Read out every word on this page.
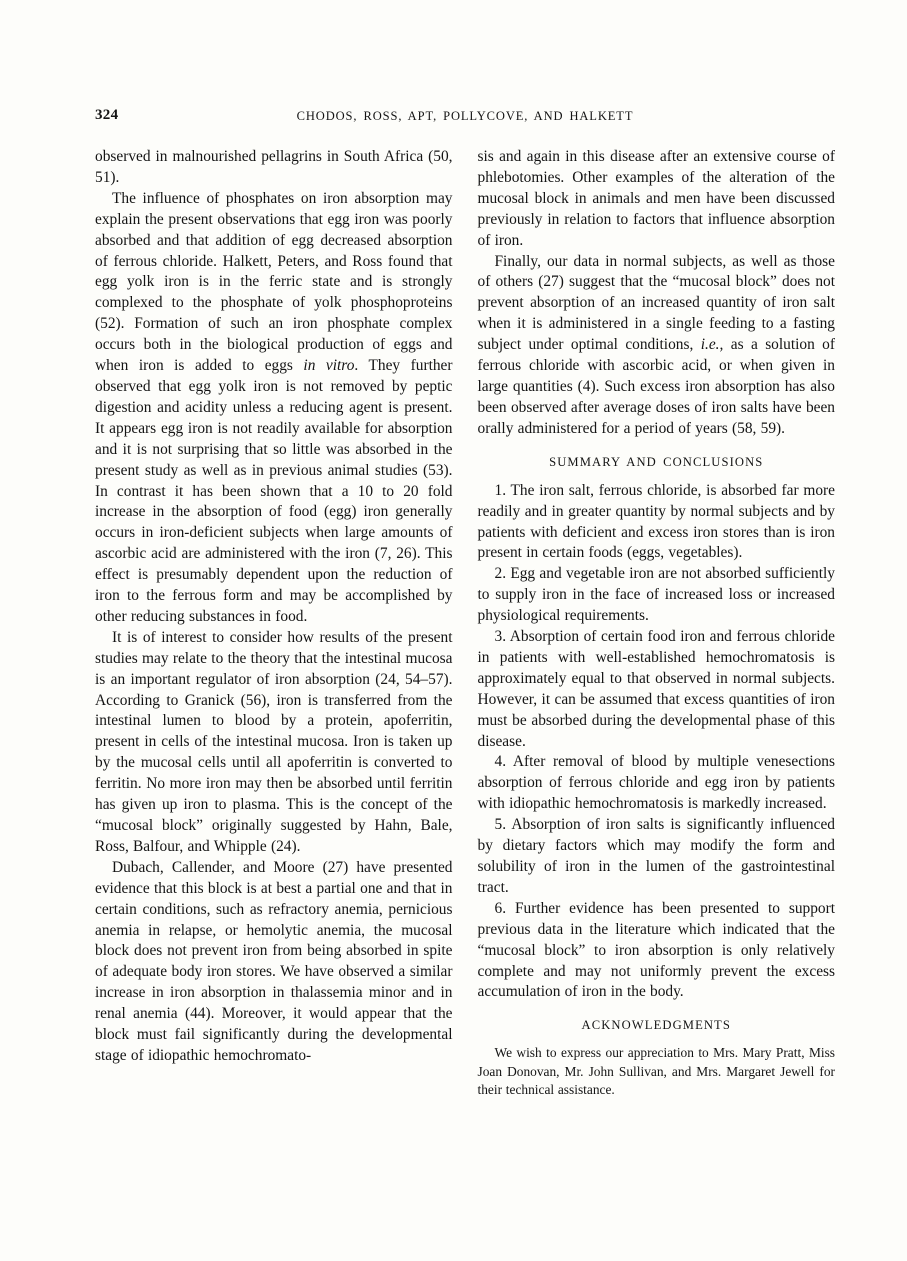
324	CHODOS, ROSS, APT, POLLYCOVE, AND HALKETT

observed in malnourished pellagrins in South Africa (50, 51).

The influence of phosphates on iron absorption may explain the present observations that egg iron was poorly absorbed and that addition of egg decreased absorption of ferrous chloride. Halkett, Peters, and Ross found that egg yolk iron is in the ferric state and is strongly complexed to the phosphate of yolk phosphoproteins (52). Formation of such an iron phosphate complex occurs both in the biological production of eggs and when iron is added to eggs in vitro. They further observed that egg yolk iron is not removed by peptic digestion and acidity unless a reducing agent is present. It appears egg iron is not readily available for absorption and it is not surprising that so little was absorbed in the present study as well as in previous animal studies (53). In contrast it has been shown that a 10 to 20 fold increase in the absorption of food (egg) iron generally occurs in iron-deficient subjects when large amounts of ascorbic acid are administered with the iron (7, 26). This effect is presumably dependent upon the reduction of iron to the ferrous form and may be accomplished by other reducing substances in food.

It is of interest to consider how results of the present studies may relate to the theory that the intestinal mucosa is an important regulator of iron absorption (24, 54–57). According to Granick (56), iron is transferred from the intestinal lumen to blood by a protein, apoferritin, present in cells of the intestinal mucosa. Iron is taken up by the mucosal cells until all apoferritin is converted to ferritin. No more iron may then be absorbed until ferritin has given up iron to plasma. This is the concept of the “mucosal block” originally suggested by Hahn, Bale, Ross, Balfour, and Whipple (24).

Dubach, Callender, and Moore (27) have presented evidence that this block is at best a partial one and that in certain conditions, such as refractory anemia, pernicious anemia in relapse, or hemolytic anemia, the mucosal block does not prevent iron from being absorbed in spite of adequate body iron stores. We have observed a similar increase in iron absorption in thalassemia minor and in renal anemia (44). Moreover, it would appear that the block must fail significantly during the developmental stage of idiopathic hemochromato-

sis and again in this disease after an extensive course of phlebotomies. Other examples of the alteration of the mucosal block in animals and men have been discussed previously in relation to factors that influence absorption of iron.

Finally, our data in normal subjects, as well as those of others (27) suggest that the “mucosal block” does not prevent absorption of an increased quantity of iron salt when it is administered in a single feeding to a fasting subject under optimal conditions, i.e., as a solution of ferrous chloride with ascorbic acid, or when given in large quantities (4). Such excess iron absorption has also been observed after average doses of iron salts have been orally administered for a period of years (58, 59).

SUMMARY AND CONCLUSIONS

1. The iron salt, ferrous chloride, is absorbed far more readily and in greater quantity by normal subjects and by patients with deficient and excess iron stores than is iron present in certain foods (eggs, vegetables).

2. Egg and vegetable iron are not absorbed sufficiently to supply iron in the face of increased loss or increased physiological requirements.

3. Absorption of certain food iron and ferrous chloride in patients with well-established hemochromatosis is approximately equal to that observed in normal subjects. However, it can be assumed that excess quantities of iron must be absorbed during the developmental phase of this disease.

4. After removal of blood by multiple venesections absorption of ferrous chloride and egg iron by patients with idiopathic hemochromatosis is markedly increased.

5. Absorption of iron salts is significantly influenced by dietary factors which may modify the form and solubility of iron in the lumen of the gastrointestinal tract.

6. Further evidence has been presented to support previous data in the literature which indicated that the “mucosal block” to iron absorption is only relatively complete and may not uniformly prevent the excess accumulation of iron in the body.

ACKNOWLEDGMENTS

We wish to express our appreciation to Mrs. Mary Pratt, Miss Joan Donovan, Mr. John Sullivan, and Mrs. Margaret Jewell for their technical assistance.
